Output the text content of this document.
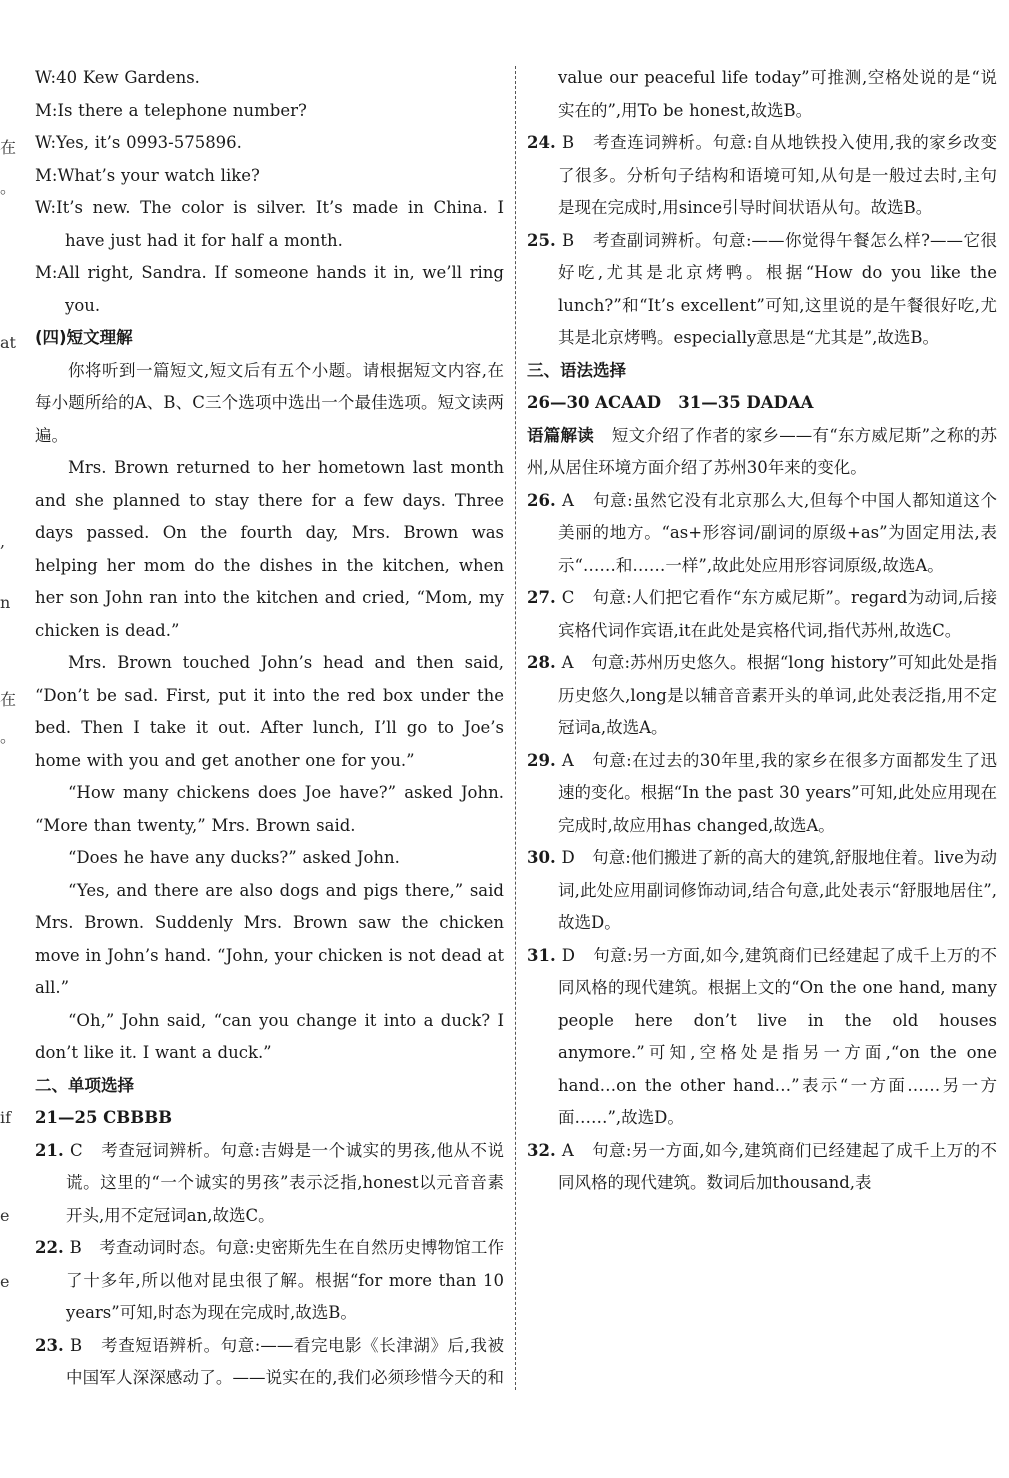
在
。
at
,
n
在
。
if
e
e

W:40 Kew Gardens.

M:Is there a telephone number?

W:Yes, it’s 0993-575896.

M:What’s your watch like?

W:It’s new. The color is silver. It’s made in China. I have just had it for half a month.

M:All right, Sandra. If someone hands it in, we’ll ring you.

(四)短文理解

你将听到一篇短文,短文后有五个小题。请根据短文内容,在每小题所给的A、B、C三个选项中选出一个最佳选项。短文读两遍。

Mrs. Brown returned to her hometown last month and she planned to stay there for a few days. Three days passed. On the fourth day, Mrs. Brown was helping her mom do the dishes in the kitchen, when her son John ran into the kitchen and cried, “Mom, my chicken is dead.”

Mrs. Brown touched John’s head and then said, “Don’t be sad. First, put it into the red box under the bed. Then I take it out. After lunch, I’ll go to Joe’s home with you and get another one for you.”

“How many chickens does Joe have?” asked John. “More than twenty,” Mrs. Brown said.

“Does he have any ducks?” asked John.

“Yes, and there are also dogs and pigs there,” said Mrs. Brown. Suddenly Mrs. Brown saw the chicken move in John’s hand. “John, your chicken is not dead at all.”

“Oh,” John said, “can you change it into a duck? I don’t like it. I want a duck.”

二、单项选择

21—25 CBBBB

21. C 考查冠词辨析。句意:吉姆是一个诚实的男孩,他从不说谎。这里的“一个诚实的男孩”表示泛指,honest以元音音素开头,用不定冠词an,故选C。

22. B 考查动词时态。句意:史密斯先生在自然历史博物馆工作了十多年,所以他对昆虫很了解。根据“for more than 10 years”可知,时态为现在完成时,故选B。

23. B 考查短语辨析。句意:——看完电影《长津湖》后,我被中国军人深深感动了。——说实在的,我们必须珍惜今天的和

value our peaceful life today”可推测,空格处说的是“说实在的”,用To be honest,故选B。

24. B 考查连词辨析。句意:自从地铁投入使用,我的家乡改变了很多。分析句子结构和语境可知,从句是一般过去时,主句是现在完成时,用since引导时间状语从句。故选B。

25. B 考查副词辨析。句意:——你觉得午餐怎么样?——它很好吃,尤其是北京烤鸭。根据“How do you like the lunch?”和“It’s excellent”可知,这里说的是午餐很好吃,尤其是北京烤鸭。especially意思是“尤其是”,故选B。

三、语法选择

26—30 ACAAD   31—35 DADAA

语篇解读 短文介绍了作者的家乡——有“东方威尼斯”之称的苏州,从居住环境方面介绍了苏州30年来的变化。

26. A 句意:虽然它没有北京那么大,但每个中国人都知道这个美丽的地方。“as+形容词/副词的原级+as”为固定用法,表示“……和……一样”,故此处应用形容词原级,故选A。

27. C 句意:人们把它看作“东方威尼斯”。regard为动词,后接宾格代词作宾语,it在此处是宾格代词,指代苏州,故选C。

28. A 句意:苏州历史悠久。根据“long history”可知此处是指历史悠久,long是以辅音音素开头的单词,此处表泛指,用不定冠词a,故选A。

29. A 句意:在过去的30年里,我的家乡在很多方面都发生了迅速的变化。根据“In the past 30 years”可知,此处应用现在完成时,故应用has changed,故选A。

30. D 句意:他们搬进了新的高大的建筑,舒服地住着。live为动词,此处应用副词修饰动词,结合句意,此处表示“舒服地居住”,故选D。

31. D 句意:另一方面,如今,建筑商们已经建起了成千上万的不同风格的现代建筑。根据上文的“On the one hand, many people here don’t live in the old houses anymore.”可知,空格处是指另一方面,“on the one hand…on the other hand…”表示“一方面……另一方面……”,故选D。

32. A 句意:另一方面,如今,建筑商们已经建起了成千上万的不同风格的现代建筑。数词后加thousand,表
